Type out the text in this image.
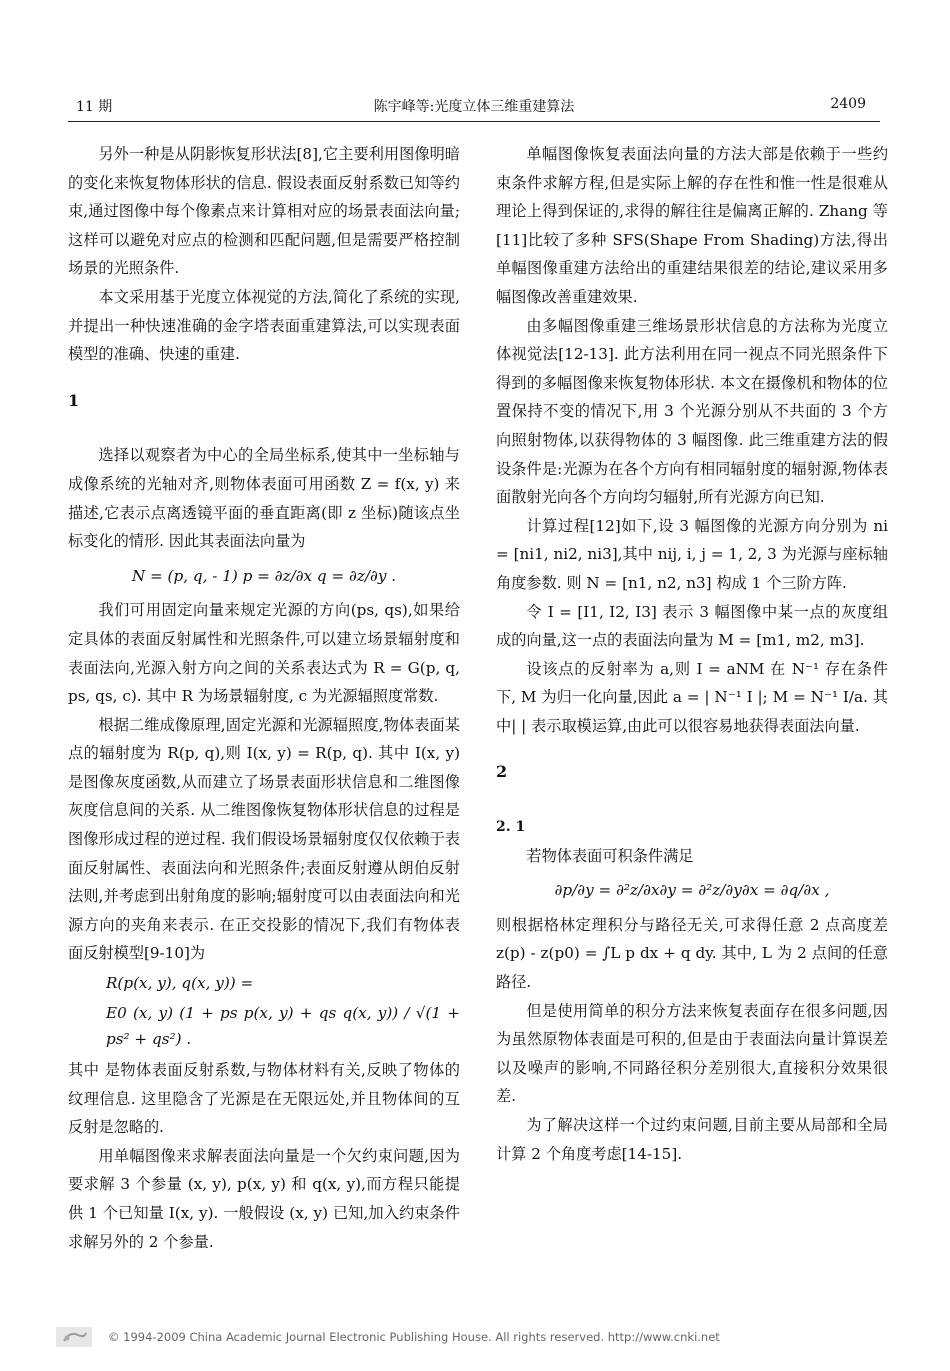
11 期	陈宇峰等:光度立体三维重建算法	2409

另外一种是从阴影恢复形状法[8],它主要利用图像明暗的变化来恢复物体形状的信息. 假设表面反射系数已知等约束,通过图像中每个像素点来计算相对应的场景表面法向量;这样可以避免对应点的检测和匹配问题,但是需要严格控制场景的光照条件.

本文采用基于光度立体视觉的方法,简化了系统的实现,并提出一种快速准确的金字塔表面重建算法,可以实现表面模型的准确、快速的重建.

1

选择以观察者为中心的全局坐标系,使其中一坐标轴与成像系统的光轴对齐,则物体表面可用函数 Z = f(x, y) 来描述,它表示点离透镜平面的垂直距离(即 z 坐标)随该点坐标变化的情形. 因此其表面法向量为

N = (p, q, - 1) p = ∂z/∂x q = ∂z/∂y .

我们可用固定向量来规定光源的方向(ps, qs),如果给定具体的表面反射属性和光照条件,可以建立场景辐射度和表面法向,光源入射方向之间的关系表达式为 R = G(p, q, ps, qs, c). 其中 R 为场景辐射度, c 为光源辐照度常数.

根据二维成像原理,固定光源和光源辐照度,物体表面某点的辐射度为 R(p, q),则 I(x, y) = R(p, q). 其中 I(x, y) 是图像灰度函数,从而建立了场景表面形状信息和二维图像灰度信息间的关系. 从二维图像恢复物体形状信息的过程是图像形成过程的逆过程. 我们假设场景辐射度仅仅依赖于表面反射属性、表面法向和光照条件;表面反射遵从朗伯反射法则,并考虑到出射角度的影响;辐射度可以由表面法向和光源方向的夹角来表示. 在正交投影的情况下,我们有物体表面反射模型[9-10]为

R(p(x, y), q(x, y)) =

E0 (x, y) (1 + ps p(x, y) + qs q(x, y)) / √(1 + ps² + qs²) .

其中 是物体表面反射系数,与物体材料有关,反映了物体的纹理信息. 这里隐含了光源是在无限远处,并且物体间的互反射是忽略的.

用单幅图像来求解表面法向量是一个欠约束问题,因为要求解 3 个参量 (x, y), p(x, y) 和 q(x, y),而方程只能提供 1 个已知量 I(x, y). 一般假设 (x, y) 已知,加入约束条件求解另外的 2 个参量.

单幅图像恢复表面法向量的方法大部是依赖于一些约束条件求解方程,但是实际上解的存在性和惟一性是很难从理论上得到保证的,求得的解往往是偏离正解的. Zhang 等[11]比较了多种 SFS(Shape From Shading)方法,得出单幅图像重建方法给出的重建结果很差的结论,建议采用多幅图像改善重建效果.

由多幅图像重建三维场景形状信息的方法称为光度立体视觉法[12-13]. 此方法利用在同一视点不同光照条件下得到的多幅图像来恢复物体形状. 本文在摄像机和物体的位置保持不变的情况下,用 3 个光源分别从不共面的 3 个方向照射物体,以获得物体的 3 幅图像. 此三维重建方法的假设条件是:光源为在各个方向有相同辐射度的辐射源,物体表面散射光向各个方向均匀辐射,所有光源方向已知.

计算过程[12]如下,设 3 幅图像的光源方向分别为 ni = [ni1, ni2, ni3],其中 nij, i, j = 1, 2, 3 为光源与座标轴角度参数. 则 N = [n1, n2, n3] 构成 1 个三阶方阵.

令 I = [I1, I2, I3] 表示 3 幅图像中某一点的灰度组成的向量,这一点的表面法向量为 M = [m1, m2, m3].

设该点的反射率为 a,则 I = aNM 在 N⁻¹ 存在条件下, M 为归一化向量,因此 a = | N⁻¹ I |; M = N⁻¹ I/a. 其中| | 表示取模运算,由此可以很容易地获得表面法向量.

2

2. 1

若物体表面可积条件满足

∂p/∂y = ∂²z/∂x∂y = ∂²z/∂y∂x = ∂q/∂x ,

则根据格林定理积分与路径无关,可求得任意 2 点高度差 z(p) - z(p0) = ∫L p dx + q dy. 其中, L 为 2 点间的任意路径.

但是使用简单的积分方法来恢复表面存在很多问题,因为虽然原物体表面是可积的,但是由于表面法向量计算误差以及噪声的影响,不同路径积分差别很大,直接积分效果很差.

为了解决这样一个过约束问题,目前主要从局部和全局计算 2 个角度考虑[14-15].

© 1994-2009 China Academic Journal Electronic Publishing House. All rights reserved. http://www.cnki.net
